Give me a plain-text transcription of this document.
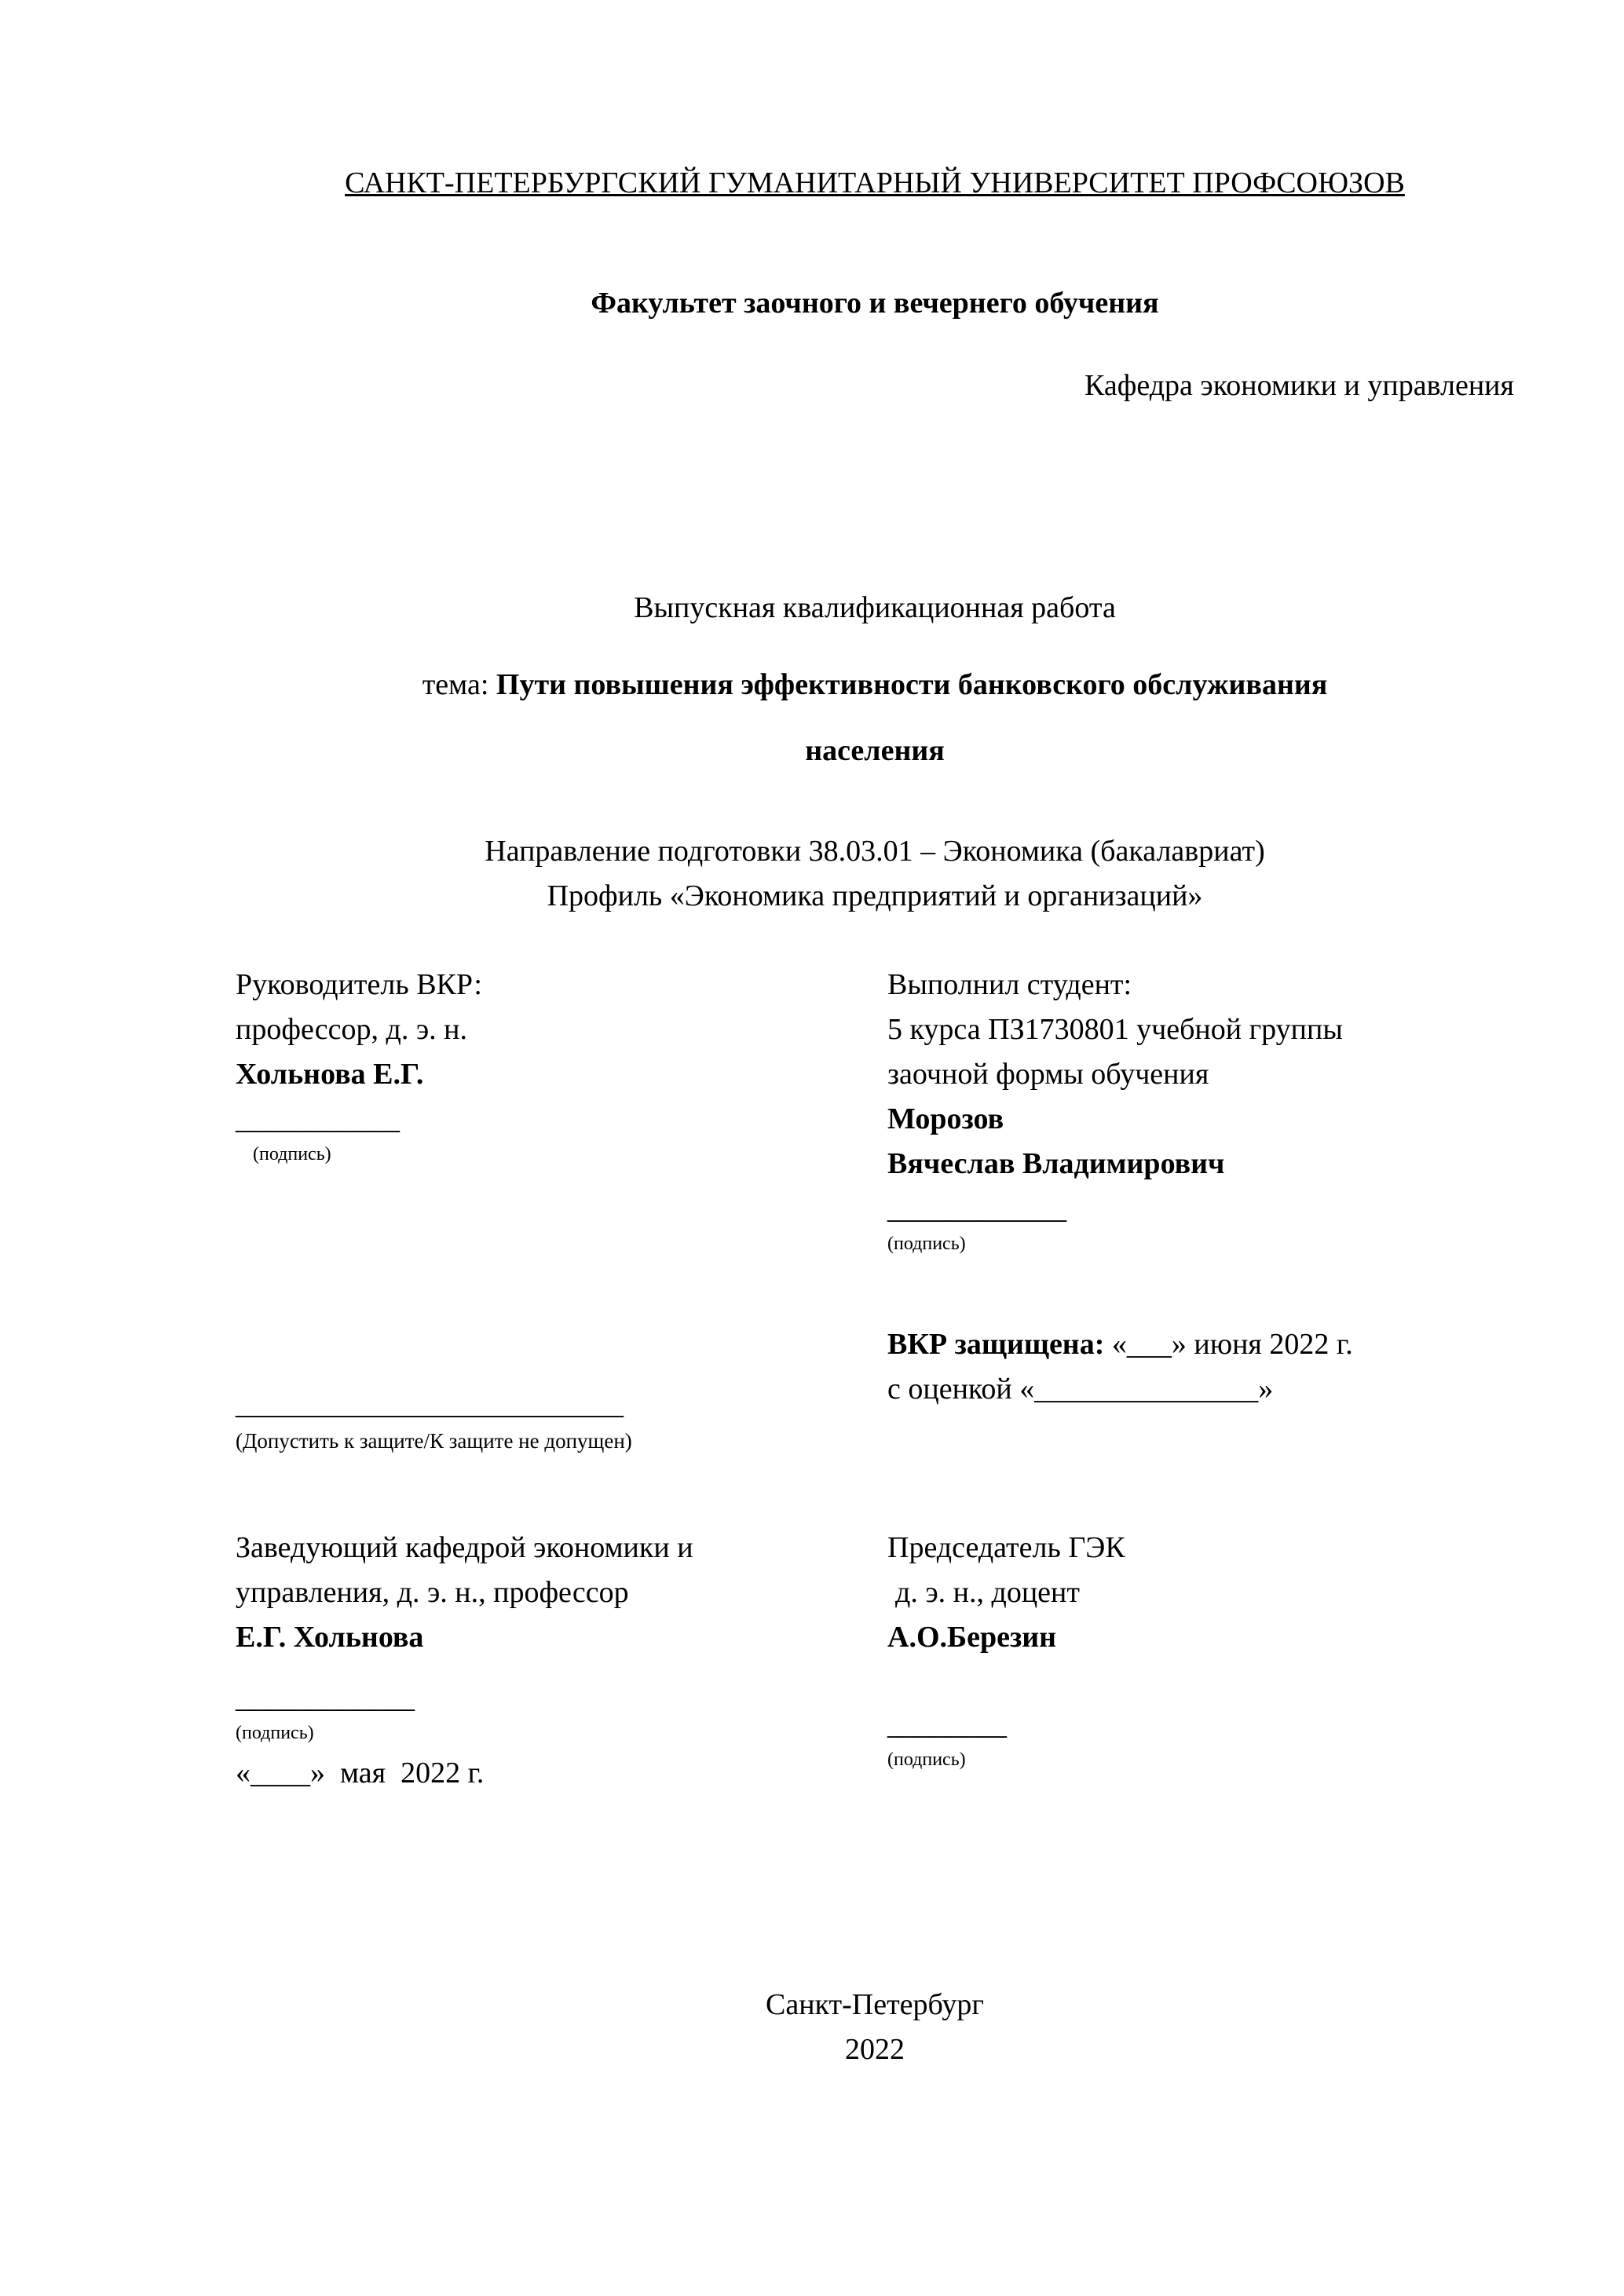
САНКТ-ПЕТЕРБУРГСКИЙ ГУМАНИТАРНЫЙ УНИВЕРСИТЕТ ПРОФСОЮЗОВ
Факультет заочного и вечернего обучения
Кафедра экономики и управления
Выпускная квалификационная работа
тема: Пути повышения эффективности банковского обслуживания
населения
Направление подготовки 38.03.01 – Экономика (бакалавриат)
Профиль «Экономика предприятий и организаций»
Руководитель ВКР:
профессор, д. э. н.
Хольнова Е.Г.
___________
(подпись)
Выполнил студент:
5 курса ПЗ1730801 учебной группы
заочной формы обучения
Морозов
Вячеслав Владимирович
____________
(подпись)
__________________________
(Допустить к защите/К защите не допущен)
ВКР защищена: «___» июня 2022 г.
с оценкой «_______________»
Заведующий кафедрой экономики и
управления, д. э. н., профессор
Е.Г. Хольнова
____________
(подпись)
«____»  мая  2022 г.
Председатель ГЭК
д. э. н., доцент
А.О.Березин
________
(подпись)
Санкт-Петербург
2022
